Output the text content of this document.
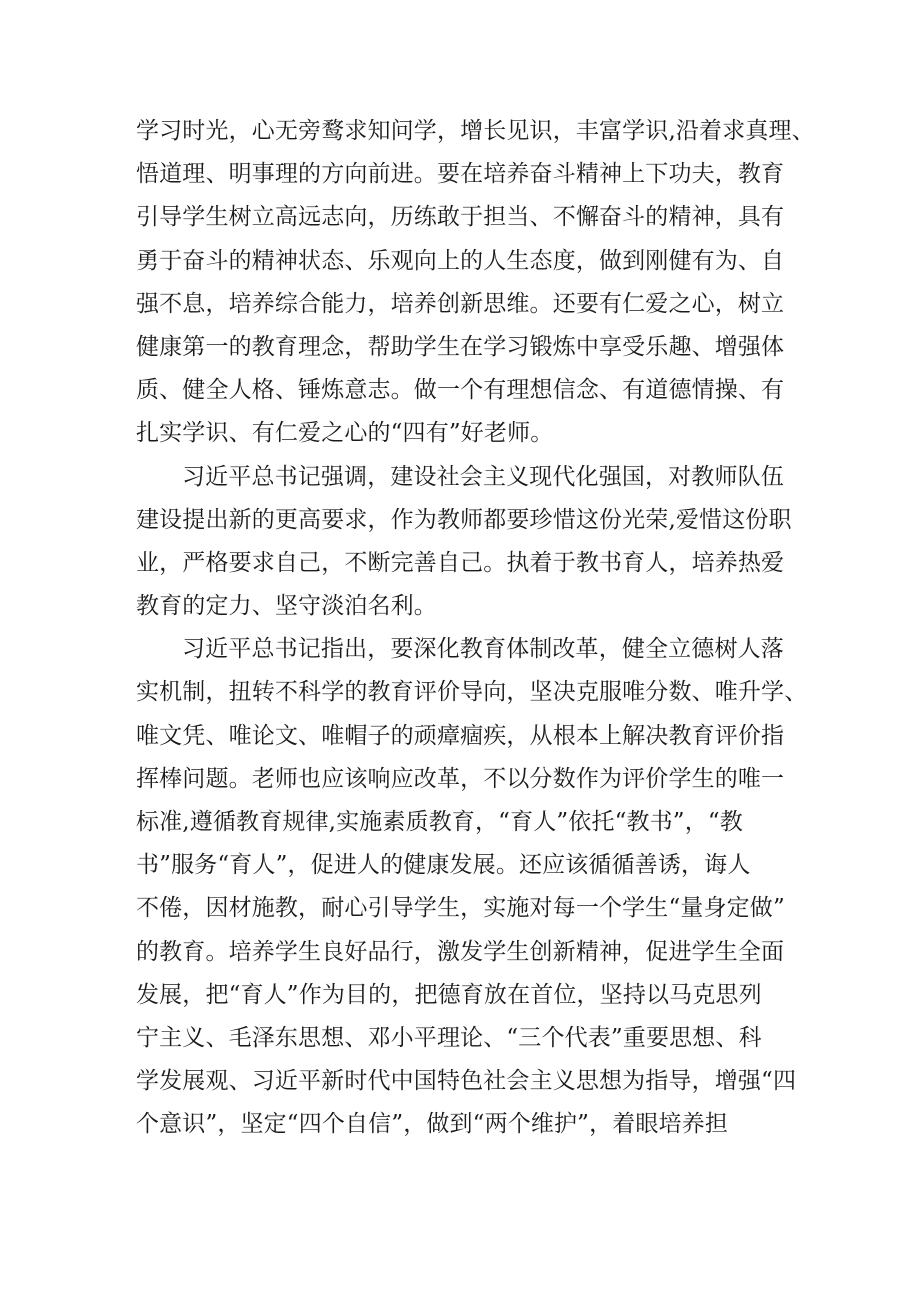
学习时光，心无旁鹜求知问学，增长见识，丰富学识,沿着求真理、
悟道理、明事理的方向前进。要在培养奋斗精神上下功夫，教育
引导学生树立高远志向，历练敢于担当、不懈奋斗的精神，具有
勇于奋斗的精神状态、乐观向上的人生态度，做到刚健有为、自
强不息，培养综合能力，培养创新思维。还要有仁爱之心，树立
健康第一的教育理念，帮助学生在学习锻炼中享受乐趣、增强体
质、健全人格、锤炼意志。做一个有理想信念、有道德情操、有
扎实学识、有仁爱之心的“四有”好老师。
习近平总书记强调，建设社会主义现代化强国，对教师队伍
建设提出新的更高要求，作为教师都要珍惜这份光荣,爱惜这份职
业，严格要求自己，不断完善自己。执着于教书育人，培养热爱
教育的定力、坚守淡泊名利。
习近平总书记指出，要深化教育体制改革，健全立德树人落
实机制，扭转不科学的教育评价导向，坚决克服唯分数、唯升学、
唯文凭、唯论文、唯帽子的顽瘴痼疾，从根本上解决教育评价指
挥棒问题。老师也应该响应改革，不以分数作为评价学生的唯一
标准,遵循教育规律,实施素质教育，“育人”依托“教书”，“教
书”服务“育人”，促进人的健康发展。还应该循循善诱，诲人
不倦，因材施教，耐心引导学生，实施对每一个学生“量身定做”
的教育。培养学生良好品行，激发学生创新精神，促进学生全面
发展，把“育人”作为目的，把德育放在首位，坚持以马克思列
宁主义、毛泽东思想、邓小平理论、“三个代表”重要思想、科
学发展观、习近平新时代中国特色社会主义思想为指导，增强“四
个意识”，坚定“四个自信”，做到“两个维护”，着眼培养担
